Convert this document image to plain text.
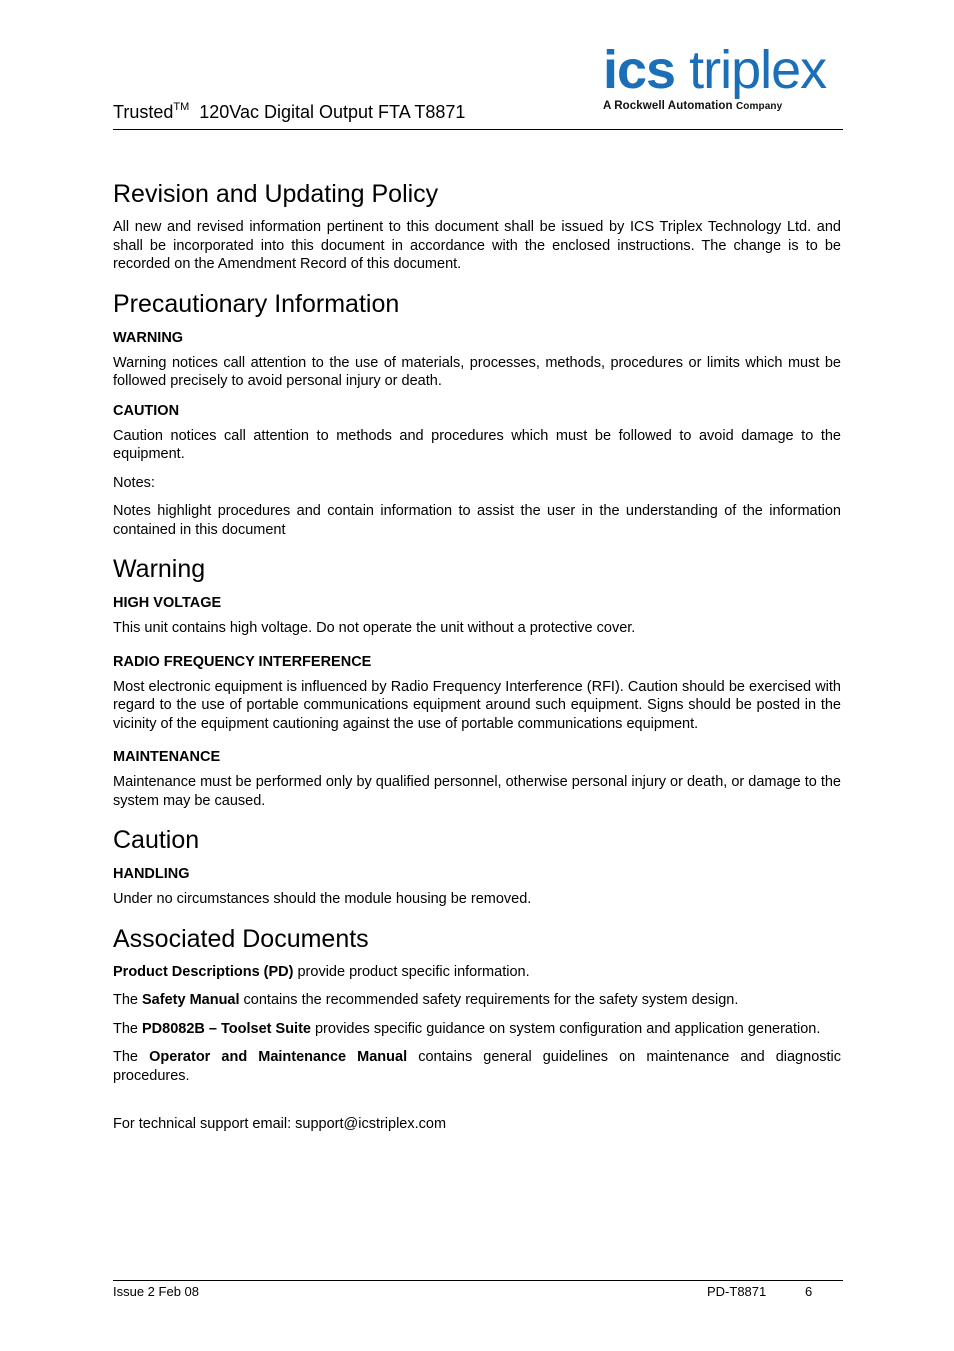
Trusted™ 120Vac Digital Output FTA T8871
ics triplex
A Rockwell Automation Company
Revision and Updating Policy

All new and revised information pertinent to this document shall be issued by ICS Triplex Technology Ltd. and shall be incorporated into this document in accordance with the enclosed instructions. The change is to be recorded on the Amendment Record of this document.

Precautionary Information
WARNING

Warning notices call attention to the use of materials, processes, methods, procedures or limits which must be followed precisely to avoid personal injury or death.

CAUTION

Caution notices call attention to methods and procedures which must be followed to avoid damage to the equipment.

Notes:

Notes highlight procedures and contain information to assist the user in the understanding of the information contained in this document

Warning
HIGH VOLTAGE

This unit contains high voltage. Do not operate the unit without a protective cover.

RADIO FREQUENCY INTERFERENCE

Most electronic equipment is influenced by Radio Frequency Interference (RFI). Caution should be exercised with regard to the use of portable communications equipment around such equipment. Signs should be posted in the vicinity of the equipment cautioning against the use of portable communications equipment.

MAINTENANCE

Maintenance must be performed only by qualified personnel, otherwise personal injury or death, or damage to the system may be caused.

Caution
HANDLING

Under no circumstances should the module housing be removed.

Associated Documents

Product Descriptions (PD) provide product specific information.

The Safety Manual contains the recommended safety requirements for the safety system design.

The PD8082B – Toolset Suite provides specific guidance on system configuration and application generation.

The Operator and Maintenance Manual contains general guidelines on maintenance and diagnostic procedures.

For technical support email: support@icstriplex.com

Issue 2 Feb 08	PD-T8871	6
